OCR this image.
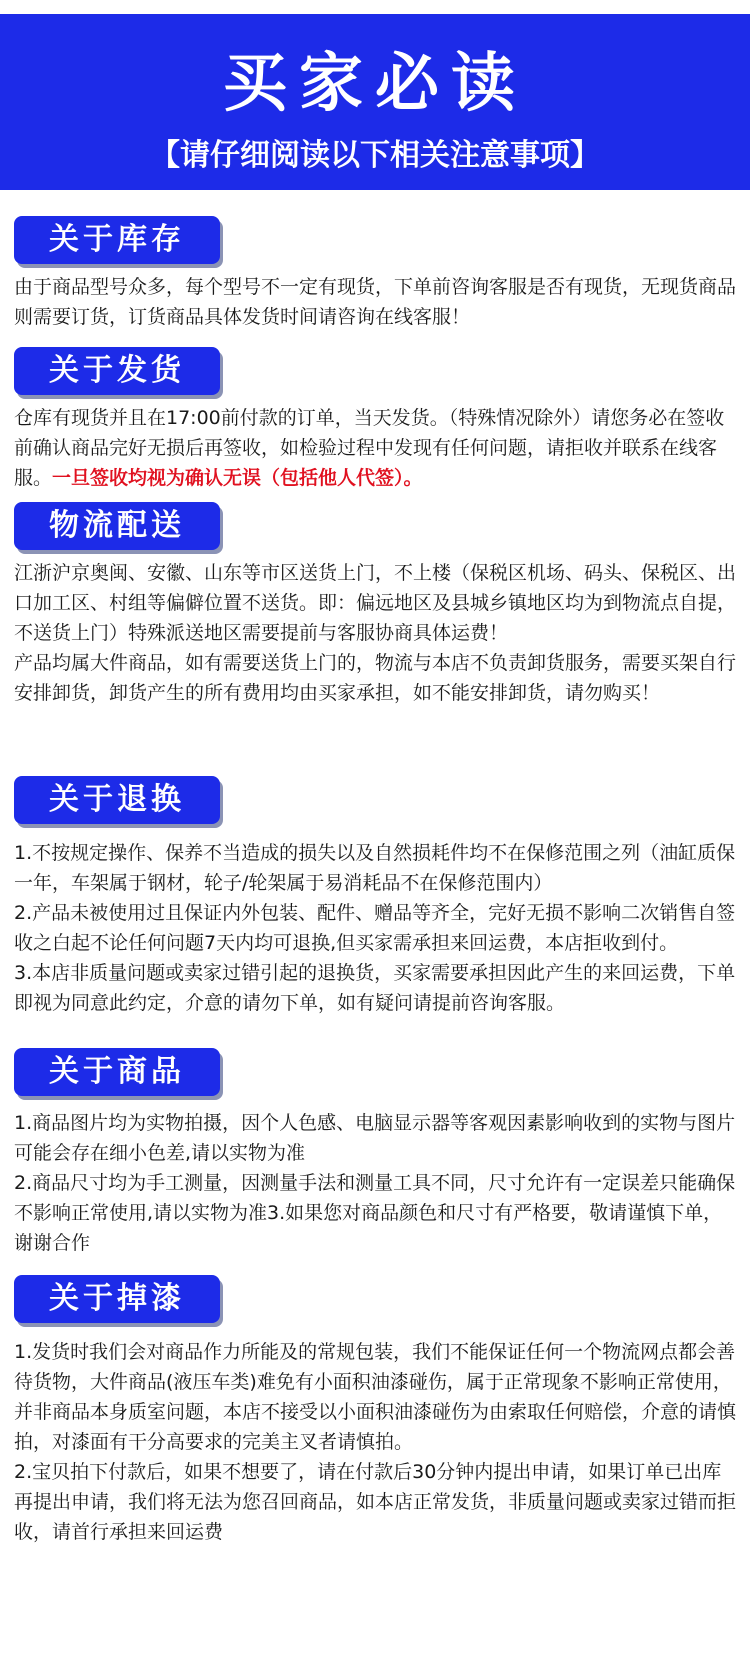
买家必读
【请仔细阅读以下相关注意事项】
关于库存

由于商品型号众多，每个型号不一定有现货，下单前咨询客服是否有现货，无现货商品则需要订货，订货商品具体发货时间请咨询在线客服！

关于发货

仓库有现货并且在17:00前付款的订单，当天发货。（特殊情况除外）请您务必在签收前确认商品完好无损后再签收，如检验过程中发现有任何问题，请拒收并联系在线客服。一旦签收均视为确认无误（包括他人代签）。

物流配送

江浙沪京奥闽、安徽、山东等市区送货上门，不上楼（保税区机场、码头、保税区、出口加工区、村组等偏僻位置不送货。即：偏远地区及县城乡镇地区均为到物流点自提，不送货上门）特殊派送地区需要提前与客服协商具体运费！

产品均属大件商品，如有需要送货上门的，物流与本店不负责卸货服务，需要买架自行安排卸货，卸货产生的所有费用均由买家承担，如不能安排卸货，请勿购买！

关于退换

1.不按规定操作、保养不当造成的损失以及自然损耗件均不在保修范围之列（油缸质保一年，车架属于钢材，轮子/轮架属于易消耗品不在保修范围内）

2.产品未被使用过且保证内外包装、配件、赠品等齐全，完好无损不影响二次销售自签收之白起不论任何问题7天内均可退换,但买家需承担来回运费，本店拒收到付。

3.本店非质量问题或卖家过错引起的退换货，买家需要承担因此产生的来回运费，下单即视为同意此约定，介意的请勿下单，如有疑问请提前咨询客服。

关于商品

1.商品图片均为实物拍摄，因个人色感、电脑显示器等客观因素影响收到的实物与图片可能会存在细小色差,请以实物为准

2.商品尺寸均为手工测量，因测量手法和测量工具不同，尺寸允许有一定误差只能确保不影响正常使用,请以实物为准3.如果您对商品颜色和尺寸有严格要，敬请谨慎下单，谢谢合作

关于掉漆

1.发货时我们会对商品作力所能及的常规包装，我们不能保证任何一个物流网点都会善待货物，大件商品(液压车类)难免有小面积油漆碰伤，属于正常现象不影响正常使用，并非商品本身质室问题，本店不接受以小面积油漆碰伤为由索取任何赔偿，介意的请慎拍，对漆面有干分高要求的完美主叉者请慎拍。

2.宝贝拍下付款后，如果不想要了，请在付款后30分钟内提出申请，如果订单已出库再提出申请，我们将无法为您召回商品，如本店正常发货，非质量问题或卖家过错而拒收，请首行承担来回运费
